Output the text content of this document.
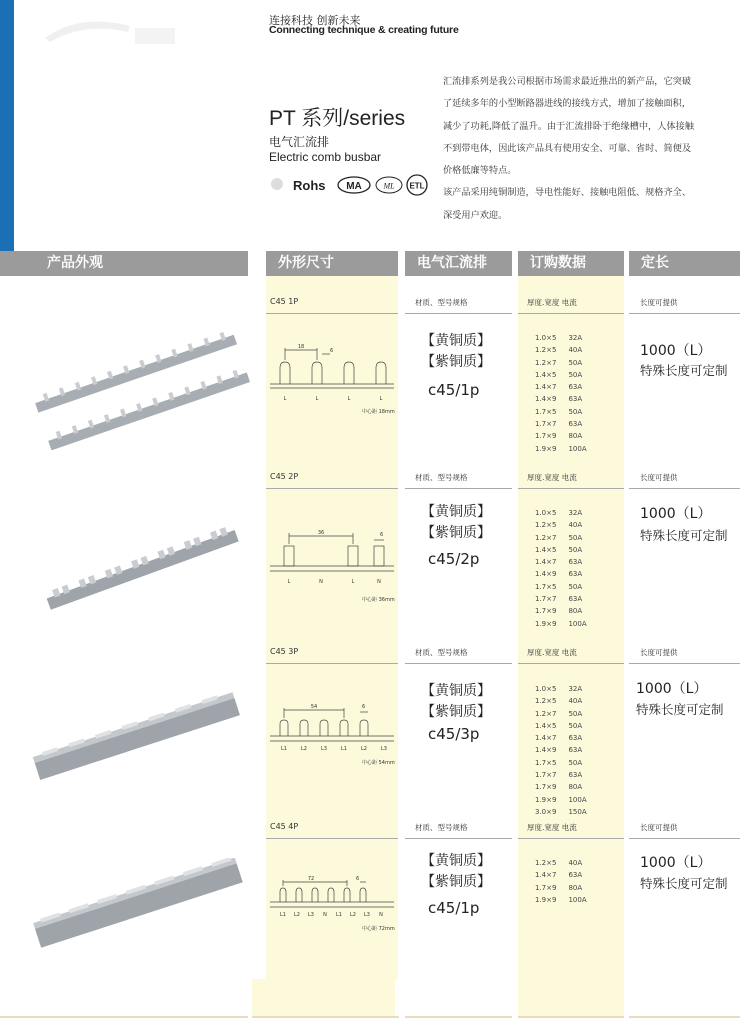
连接科技 创新未来
Connecting technique & creating future
PT 系列/series
电气汇流排
Electric comb busbar
Rohs MA	ML ETL
汇流排系列是我公司根据市场需求最近推出的新产品，它突破
了延续多年的小型断路器进线的接线方式，增加了接触面积，
减少了功耗,降低了温升。由于汇流排卧于绝缘槽中，人体接触
不到带电体，因此该产品具有使用安全、可靠、省时、简便及
价格低廉等特点。
该产品采用纯铜制造，导电性能好、接触电阻低、规格齐全、
深受用户欢迎。
产品外观	外形尺寸	电气汇流排	订购数据	定长
C45 1P	材质、型号规格	厚度.宽度 电流	长度可提供
18
6
L	L	L	L
中心距 18mm
【黄铜质】
【紫铜质】
c45/1p
1.0×5	32A
1.2×5	40A
1.2×7	50A
1.4×5	50A
1.4×7	63A
1.4×9	63A
1.7×5	50A
1.7×7	63A
1.7×9	80A
1.9×9	100A
1000（L）
特殊长度可定制
C45 2P	材质、型号规格	厚度.宽度 电流	长度可提供
36	6
L	N	L	N
中心距 36mm
【黄铜质】
【紫铜质】
c45/2p
1.0×5	32A
1.2×5	40A
1.2×7	50A
1.4×5	50A
1.4×7	63A
1.4×9	63A
1.7×5	50A
1.7×7	63A
1.7×9	80A
1.9×9	100A
1000（L）
特殊长度可定制
C45 3P	材质、型号规格	厚度.宽度 电流	长度可提供
54	6
L1	L2	L3	L1	L2	L3
中心距 54mm
【黄铜质】
【紫铜质】
c45/3p
1.0×5	32A
1.2×5	40A
1.2×7	50A
1.4×5	50A
1.4×7	63A
1.4×9	63A
1.7×5	50A
1.7×7	63A
1.7×9	80A
1.9×9	100A
3.0×9	150A
1000（L）
特殊长度可定制
C45 4P	材质、型号规格	厚度.宽度 电流	长度可提供
72	6
L1 L2 L3 N L1 L2 L3 N
中心距 72mm
【黄铜质】
【紫铜质】
c45/1p
1.2×5	40A
1.4×7	63A
1.7×9	80A
1.9×9	100A
1000（L）
特殊长度可定制
